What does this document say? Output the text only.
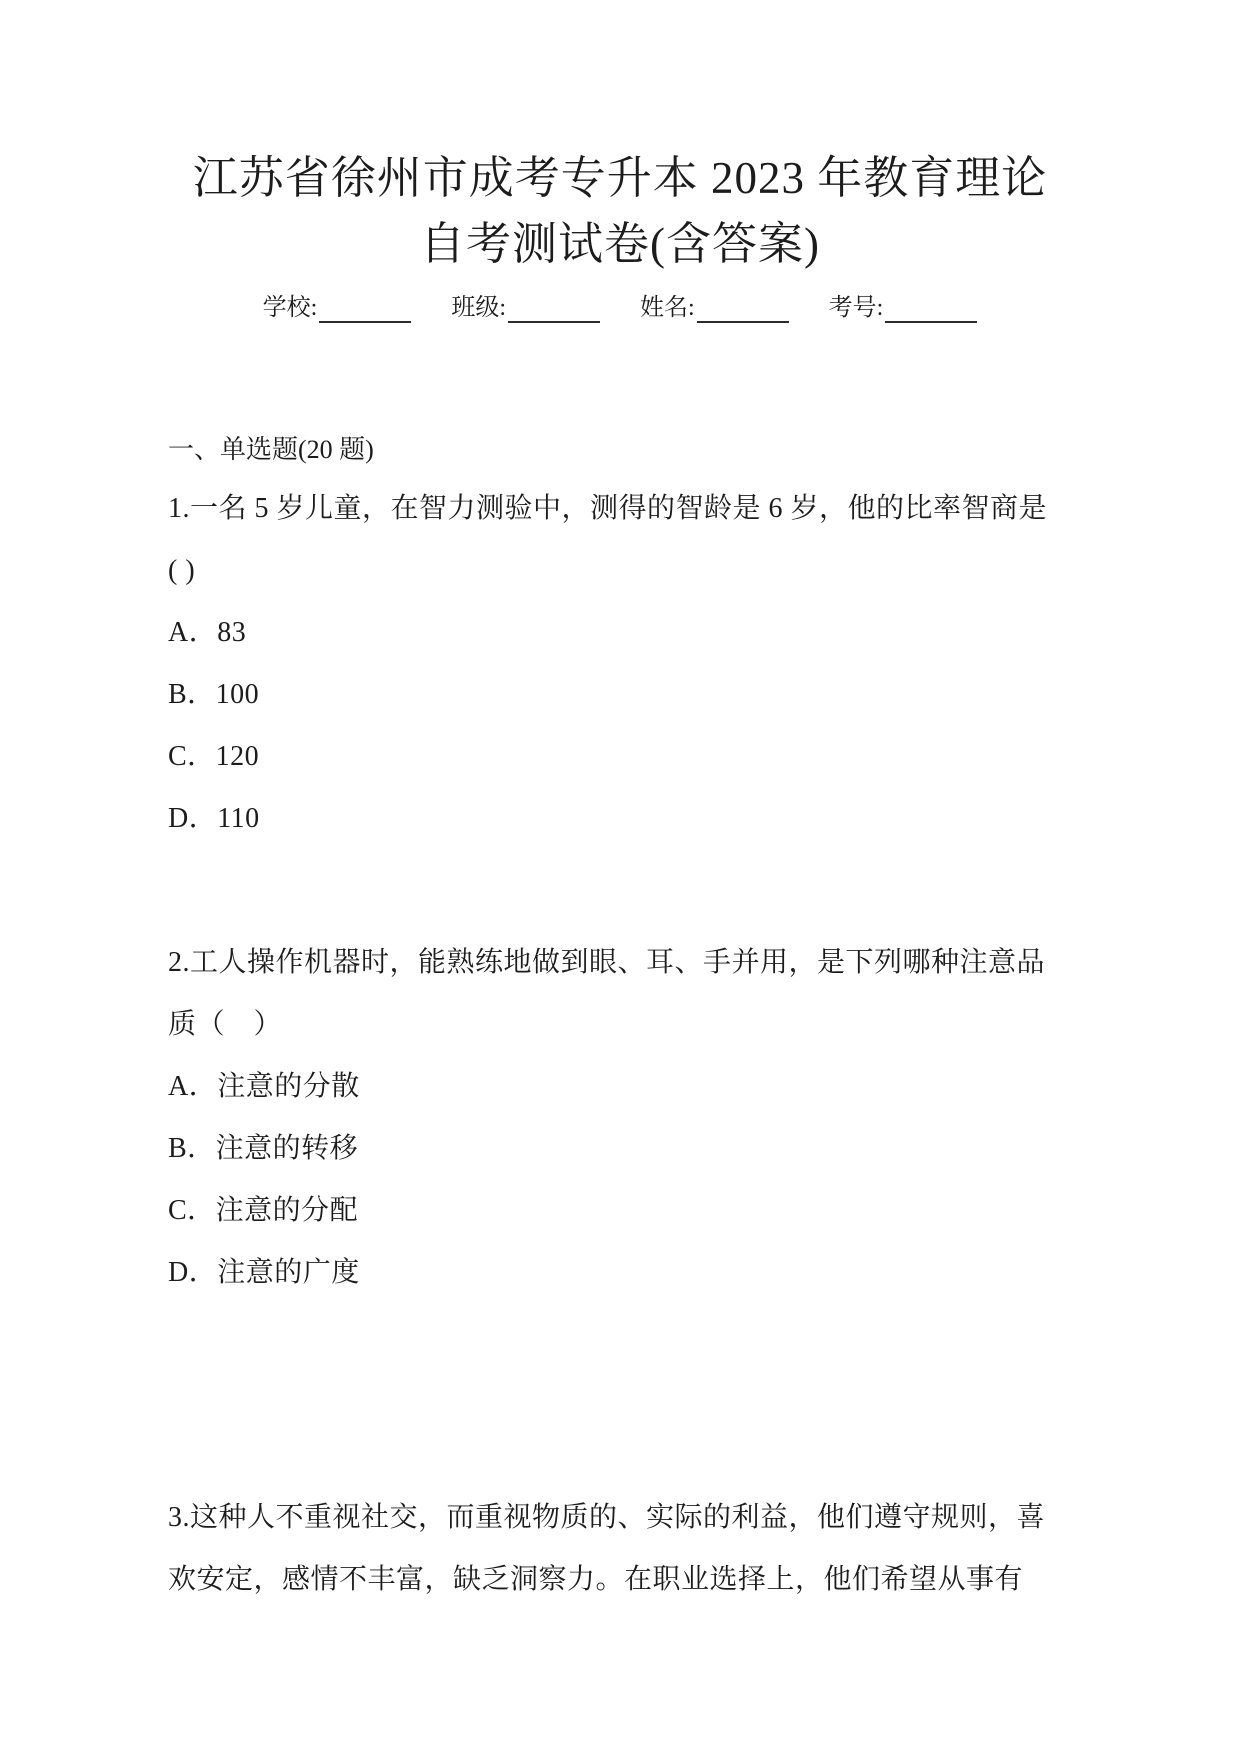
江苏省徐州市成考专升本 2023 年教育理论
自考测试卷(含答案)
学校:	班级:	姓名:	考号:

一、单选题(20 题)

1.一名 5 岁儿童，在智力测验中，测得的智龄是 6 岁，他的比率智商是

( )

A．83

B．100

C．120

D．110

2.工人操作机器时，能熟练地做到眼、耳、手并用，是下列哪种注意品

质（　）

A．注意的分散

B．注意的转移

C．注意的分配

D．注意的广度

3.这种人不重视社交，而重视物质的、实际的利益，他们遵守规则，喜

欢安定，感情不丰富，缺乏洞察力。在职业选择上，他们希望从事有
